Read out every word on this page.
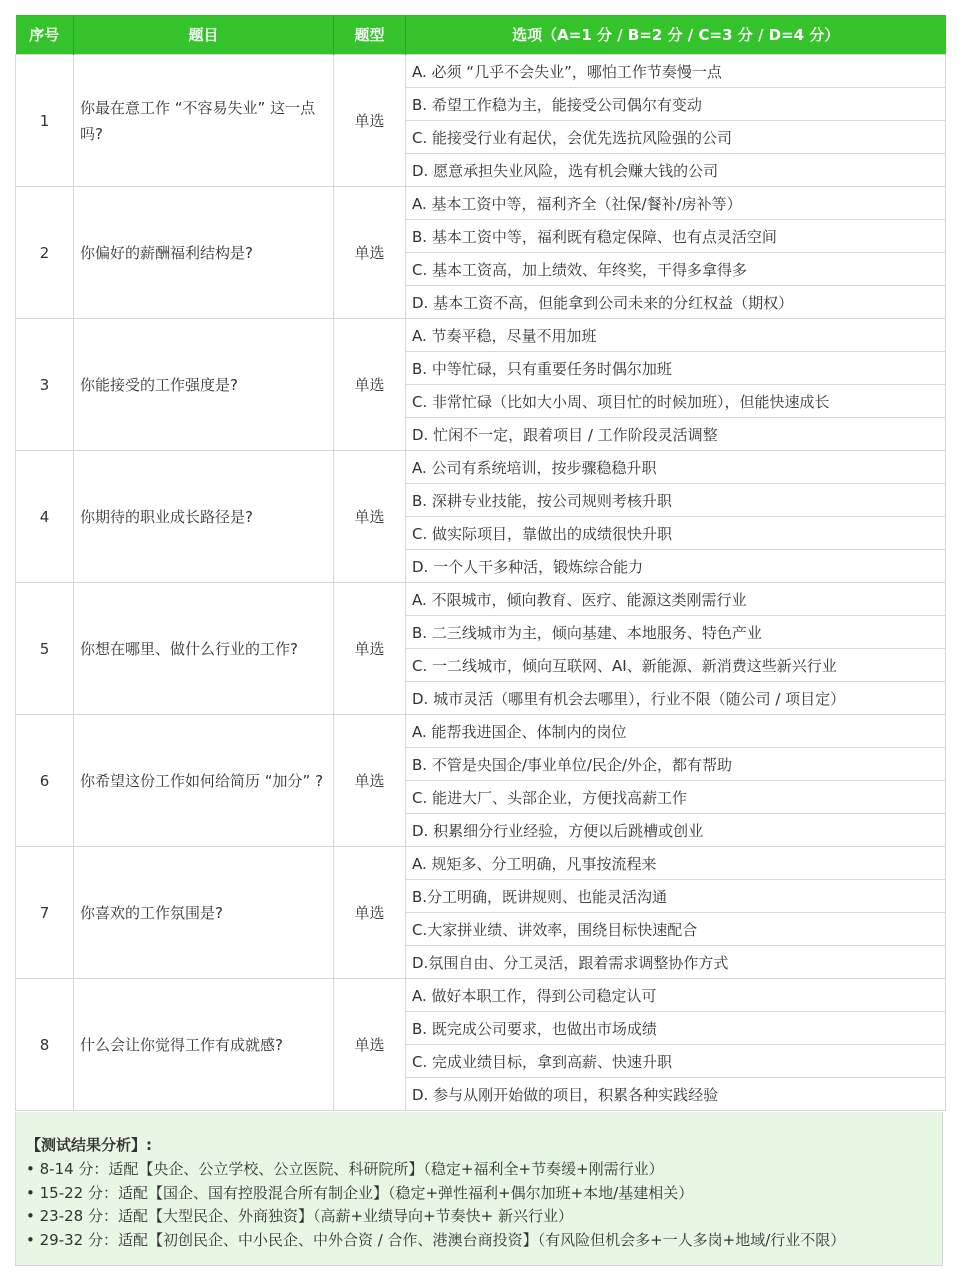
序号	题目	题型	选项（A=1 分 / B=2 分 / C=3 分 / D=4 分）
1	你最在意工作 “不容易失业” 这一点吗?	单选	A. 必须 “几乎不会失业”，哪怕工作节奏慢一点
			B. 希望工作稳为主，能接受公司偶尔有变动
			C. 能接受行业有起伏，会优先选抗风险强的公司
			D. 愿意承担失业风险，选有机会赚大钱的公司
2	你偏好的薪酬福利结构是?	单选	A. 基本工资中等，福利齐全（社保/餐补/房补等）
			B. 基本工资中等，福利既有稳定保障、也有点灵活空间
			C. 基本工资高，加上绩效、年终奖，干得多拿得多
			D. 基本工资不高，但能拿到公司未来的分红权益（期权）
3	你能接受的工作强度是?	单选	A. 节奏平稳，尽量不用加班
			B. 中等忙碌，只有重要任务时偶尔加班
			C. 非常忙碌（比如大小周、项目忙的时候加班），但能快速成长
			D. 忙闲不一定，跟着项目 / 工作阶段灵活调整
4	你期待的职业成长路径是?	单选	A. 公司有系统培训，按步骤稳稳升职
			B. 深耕专业技能，按公司规则考核升职
			C. 做实际项目，靠做出的成绩很快升职
			D. 一个人干多种活，锻炼综合能力
5	你想在哪里、做什么行业的工作?	单选	A. 不限城市，倾向教育、医疗、能源这类刚需行业
			B. 二三线城市为主，倾向基建、本地服务、特色产业
			C. 一二线城市，倾向互联网、AI、新能源、新消费这些新兴行业
			D. 城市灵活（哪里有机会去哪里），行业不限（随公司 / 项目定）
6	你希望这份工作如何给简历 “加分” ?	单选	A. 能帮我进国企、体制内的岗位
			B. 不管是央国企/事业单位/民企/外企，都有帮助
			C. 能进大厂、头部企业，方便找高薪工作
			D. 积累细分行业经验，方便以后跳槽或创业
7	你喜欢的工作氛围是?	单选	A. 规矩多、分工明确，凡事按流程来
			B.分工明确，既讲规则、也能灵活沟通
			C.大家拼业绩、讲效率，围绕目标快速配合
			D.氛围自由、分工灵活，跟着需求调整协作方式
8	什么会让你觉得工作有成就感?	单选	A. 做好本职工作，得到公司稳定认可
			B. 既完成公司要求，也做出市场成绩
			C. 完成业绩目标，拿到高薪、快速升职
			D. 参与从刚开始做的项目，积累各种实践经验
【测试结果分析】:
• 8-14 分：适配【央企、公立学校、公立医院、科研院所】（稳定+福利全+节奏缓+刚需行业）
• 15-22 分：适配【国企、国有控股混合所有制企业】（稳定+弹性福利+偶尔加班+本地/基建相关）
• 23-28 分：适配【大型民企、外商独资】（高薪+业绩导向+节奏快+ 新兴行业）
• 29-32 分：适配【初创民企、中小民企、中外合资 / 合作、港澳台商投资】（有风险但机会多+一人多岗+地域/行业不限）
